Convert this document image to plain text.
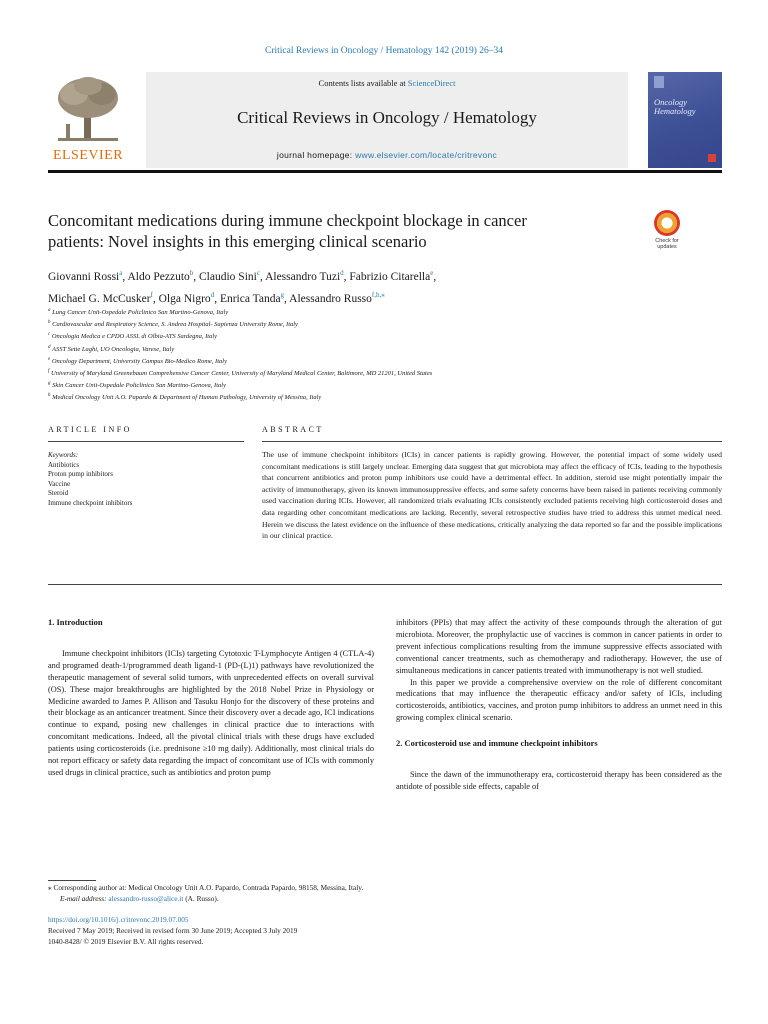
Critical Reviews in Oncology / Hematology 142 (2019) 26–34
ELSEVIER
Contents lists available at ScienceDirect
Critical Reviews in Oncology / Hematology
journal homepage: www.elsevier.com/locate/critrevonc
Oncology
Hematology
Concomitant medications during immune checkpoint blockage in cancer
patients: Novel insights in this emerging clinical scenario	Check for updates
Giovanni Rossi$^a$, Aldo Pezzuto$^b$, Claudio Sini$^c$, Alessandro Tuzi$^d$, Fabrizio Citarella$^e$,
Michael G. McCusker$^f$, Olga Nigro$^d$, Enrica Tanda$^g$, Alessandro Russo$^{f,h,⁎}$
$^a$ Lung Cancer Unit-Ospedale Policlinico San Martino-Genova, Italy
$^b$ Cardiovascular and Respiratory Science, S. Andrea Hospital- Sapienza University Rome, Italy
$^c$ Oncologia Medica e CPDO ASSL di Olbia-ATS Sardegna, Italy
$^d$ ASST Sette Laghi, UO Oncologia, Varese, Italy
$^e$ Oncology Department, University Campus Bio-Medico Rome, Italy
$^f$ University of Maryland Greenebaum Comprehensive Cancer Center, University of Maryland Medical Center, Baltimore, MD 21201, United States
$^g$ Skin Cancer Unit-Ospedale Policlinico San Martino-Genova, Italy
$^h$ Medical Oncology Unit A.O. Papardo & Department of Human Pathology, University of Messina, Italy
ARTICLE INFO	ABSTRACT
Keywords:
Antibiotics
Proton pump inhibitors
Vaccine
Steroid
Immune checkpoint inhibitors
The use of immune checkpoint inhibitors (ICIs) in cancer patients is rapidly growing. However, the potential impact of some widely used concomitant medications is still largely unclear. Emerging data suggest that gut microbiota may affect the efficacy of ICIs, leading to the hypothesis that concurrent antibiotics and proton pump inhibitors use could have a detrimental effect. In addition, steroid use might potentially impair the activity of immunotherapy, given its known immunosuppressive effects, and some safety concerns have been raised in patients receiving commonly used vaccination during ICIs. However, all randomized trials evaluating ICIs consistently excluded patients receiving high corticosteroid doses and data regarding other concomitant medications are lacking. Recently, several retrospective studies have tried to address this unmet medical need. Herein we discuss the latest evidence on the influence of these medications, critically analyzing the data reported so far and the possible implications in our clinical practice.
1. Introduction

Immune checkpoint inhibitors (ICIs) targeting Cytotoxic T-Lymphocyte Antigen 4 (CTLA-4) and programed death-1/programmed death ligand-1 (PD-(L)1) pathways have revolutionized the therapeutic management of several solid tumors, with unprecedented effects on overall survival (OS). These major breakthroughs are highlighted by the 2018 Nobel Prize in Physiology or Medicine awarded to James P. Allison and Tasuku Honjo for the discovery of these proteins and their blockage as an anticancer treatment. Since their discovery over a decade ago, ICI indications continue to expand, posing new challenges in clinical practice due to interactions with concomitant medications. Indeed, all the pivotal clinical trials with these drugs have excluded patients using corticosteroids (i.e. prednisone ≥10 mg daily). Additionally, most clinical trials do not report efficacy or safety data regarding the impact of concomitant use of ICIs with commonly used drugs in clinical practice, such as antibiotics and proton pump

inhibitors (PPIs) that may affect the activity of these compounds through the alteration of gut microbiota. Moreover, the prophylactic use of vaccines is common in cancer patients in order to prevent infectious complications resulting from the immune suppressive effects associated with conventional cancer treatments, such as chemotherapy and radiotherapy. However, the use of simultaneous medications in cancer patients treated with immunotherapy is not well studied.

In this paper we provide a comprehensive overview on the role of different concomitant medications that may influence the therapeutic efficacy and/or safety of ICIs, including corticosteroids, antibiotics, vaccines, and proton pump inhibitors to address an unmet need in this growing complex clinical scenario.

2. Corticosteroid use and immune checkpoint inhibitors

Since the dawn of the immunotherapy era, corticosteroid therapy has been considered as the antidote of possible side effects, capable of

⁎ Corresponding author at: Medical Oncology Unit A.O. Papardo, Contrada Papardo, 98158, Messina, Italy.
E-mail address: alessandro-russo@alice.it (A. Russo).
https://doi.org/10.1016/j.critrevonc.2019.07.005
Received 7 May 2019; Received in revised form 30 June 2019; Accepted 3 July 2019
1040-8428/ © 2019 Elsevier B.V. All rights reserved.
